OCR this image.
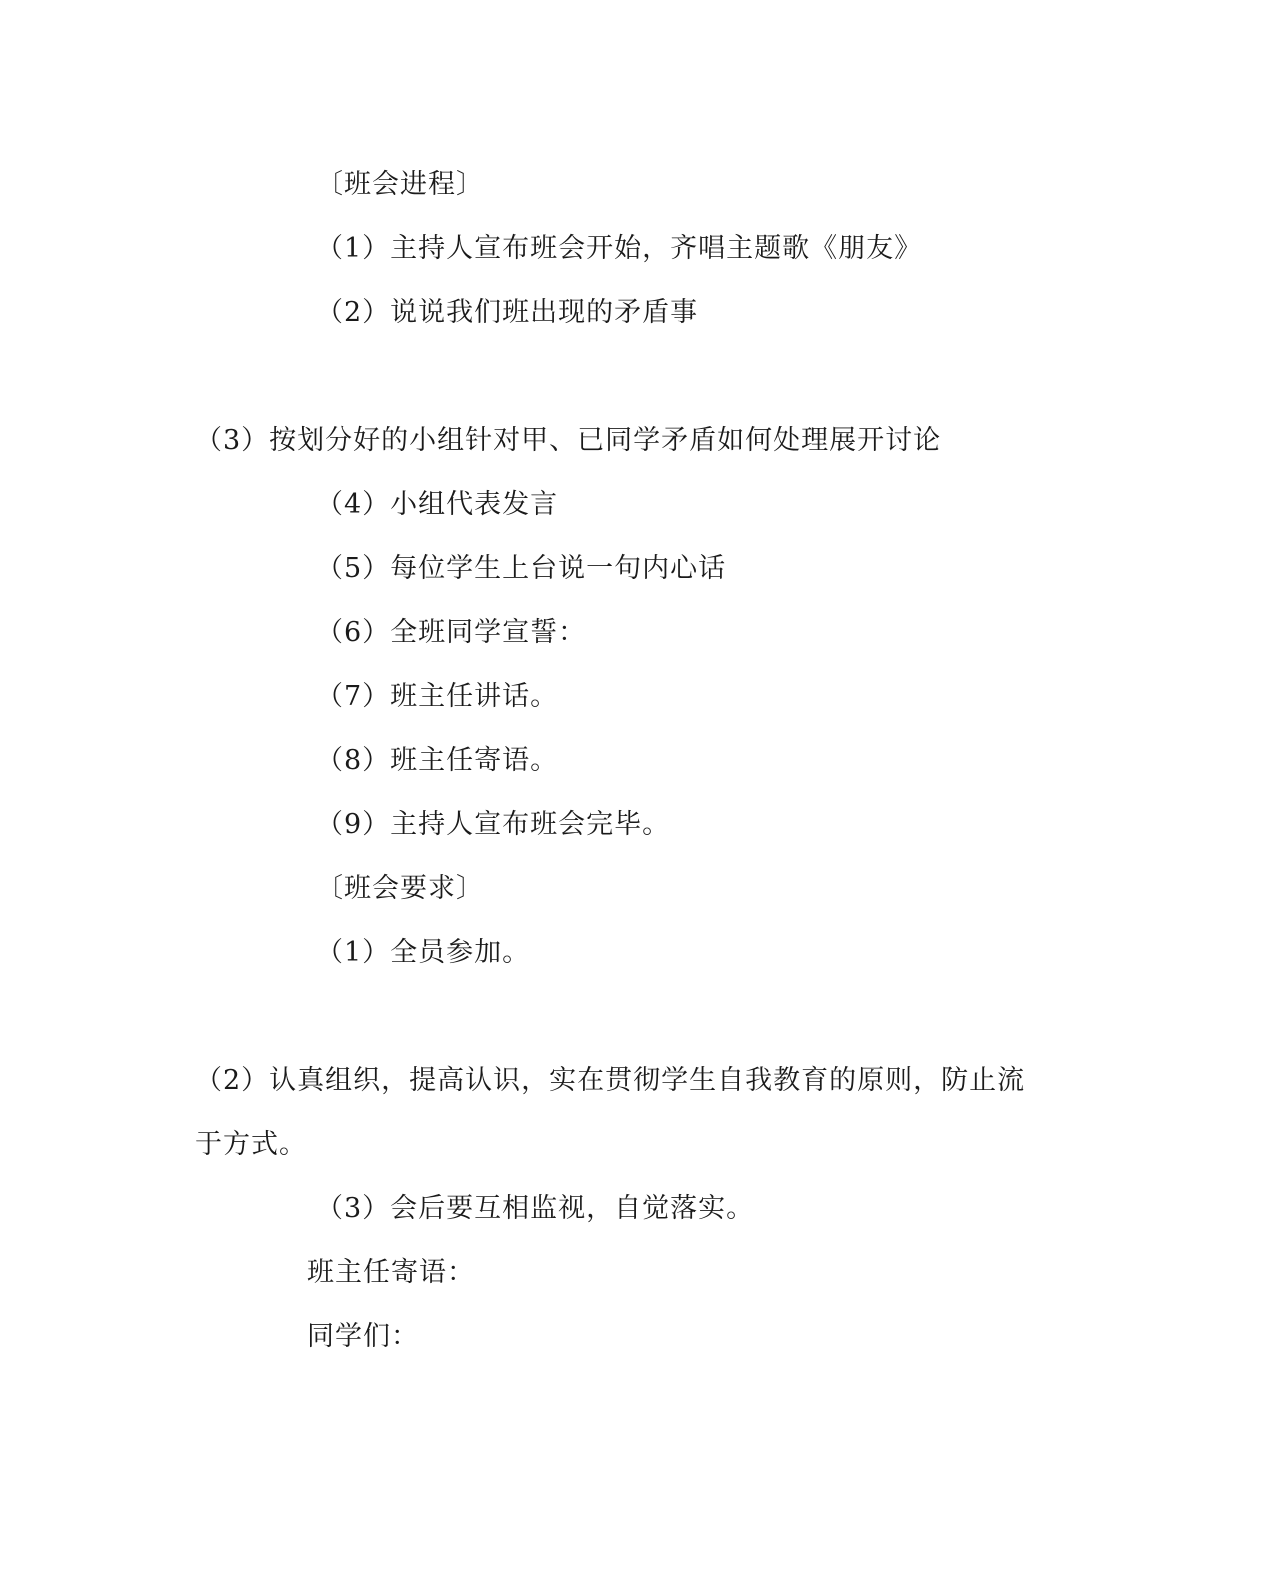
〔班会进程〕
（1）主持人宣布班会开始，齐唱主题歌《朋友》
（2）说说我们班出现的矛盾事
（3）按划分好的小组针对甲、已同学矛盾如何处理展开讨论
（4）小组代表发言
（5）每位学生上台说一句内心话
（6）全班同学宣誓：
（7）班主任讲话。
（8）班主任寄语。
（9）主持人宣布班会完毕。
〔班会要求〕
（1）全员参加。
（2）认真组织，提高认识，实在贯彻学生自我教育的原则，防止流
于方式。
（3）会后要互相监视，自觉落实。
班主任寄语：
同学们：
